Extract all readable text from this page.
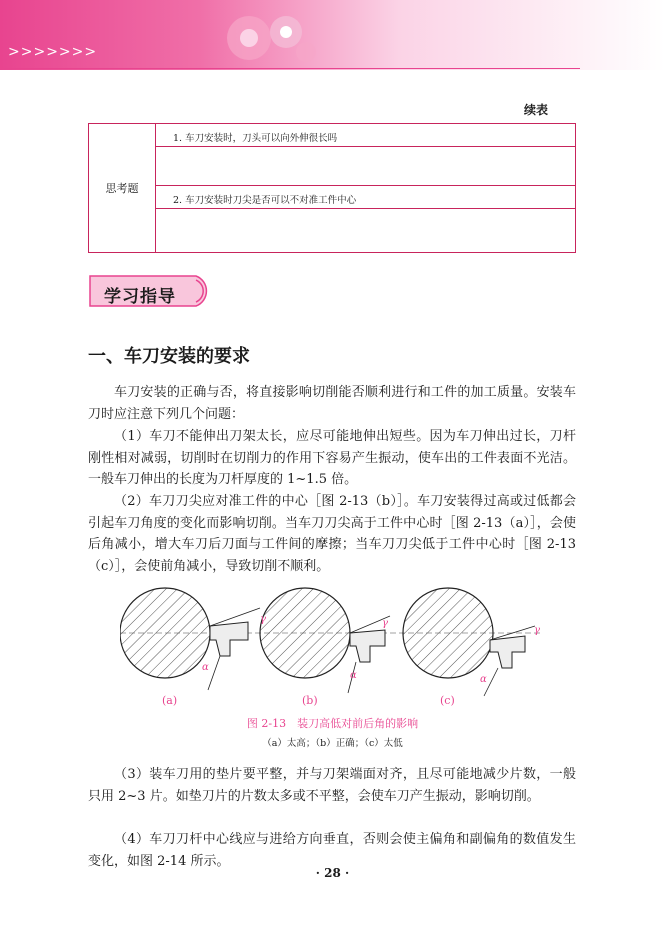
>>>>>>>
续表
思考题
1. 车刀安装时，刀头可以向外伸很长吗
2. 车刀安装时刀尖是否可以不对准工件中心
学习指导
一、车刀安装的要求

车刀安装的正确与否，将直接影响切削能否顺利进行和工件的加工质量。安装车刀时应注意下列几个问题：

（1）车刀不能伸出刀架太长，应尽可能地伸出短些。因为车刀伸出过长，刀杆刚性相对减弱，切削时在切削力的作用下容易产生振动，使车出的工件表面不光洁。一般车刀伸出的长度为刀杆厚度的 1~1.5 倍。

（2）车刀刀尖应对准工件的中心［图 2-13（b）］。车刀安装得过高或过低都会引起车刀角度的变化而影响切削。当车刀刀尖高于工件中心时［图 2-13（a）］，会使后角减小，增大车刀后刀面与工件间的摩擦；当车刀刀尖低于工件中心时［图 2-13（c）］，会使前角减小，导致切削不顺利。

γ
α
γ
α
γ
α
(a)	(b)	(c)
图 2-13　装刀高低对前后角的影响
（a）太高；（b）正确；（c）太低

（3）装车刀用的垫片要平整，并与刀架端面对齐，且尽可能地减少片数，一般只用 2~3 片。如垫刀片的片数太多或不平整，会使车刀产生振动，影响切削。

（4）车刀刀杆中心线应与进给方向垂直，否则会使主偏角和副偏角的数值发生变化，如图 2-14 所示。

· 28 ·
